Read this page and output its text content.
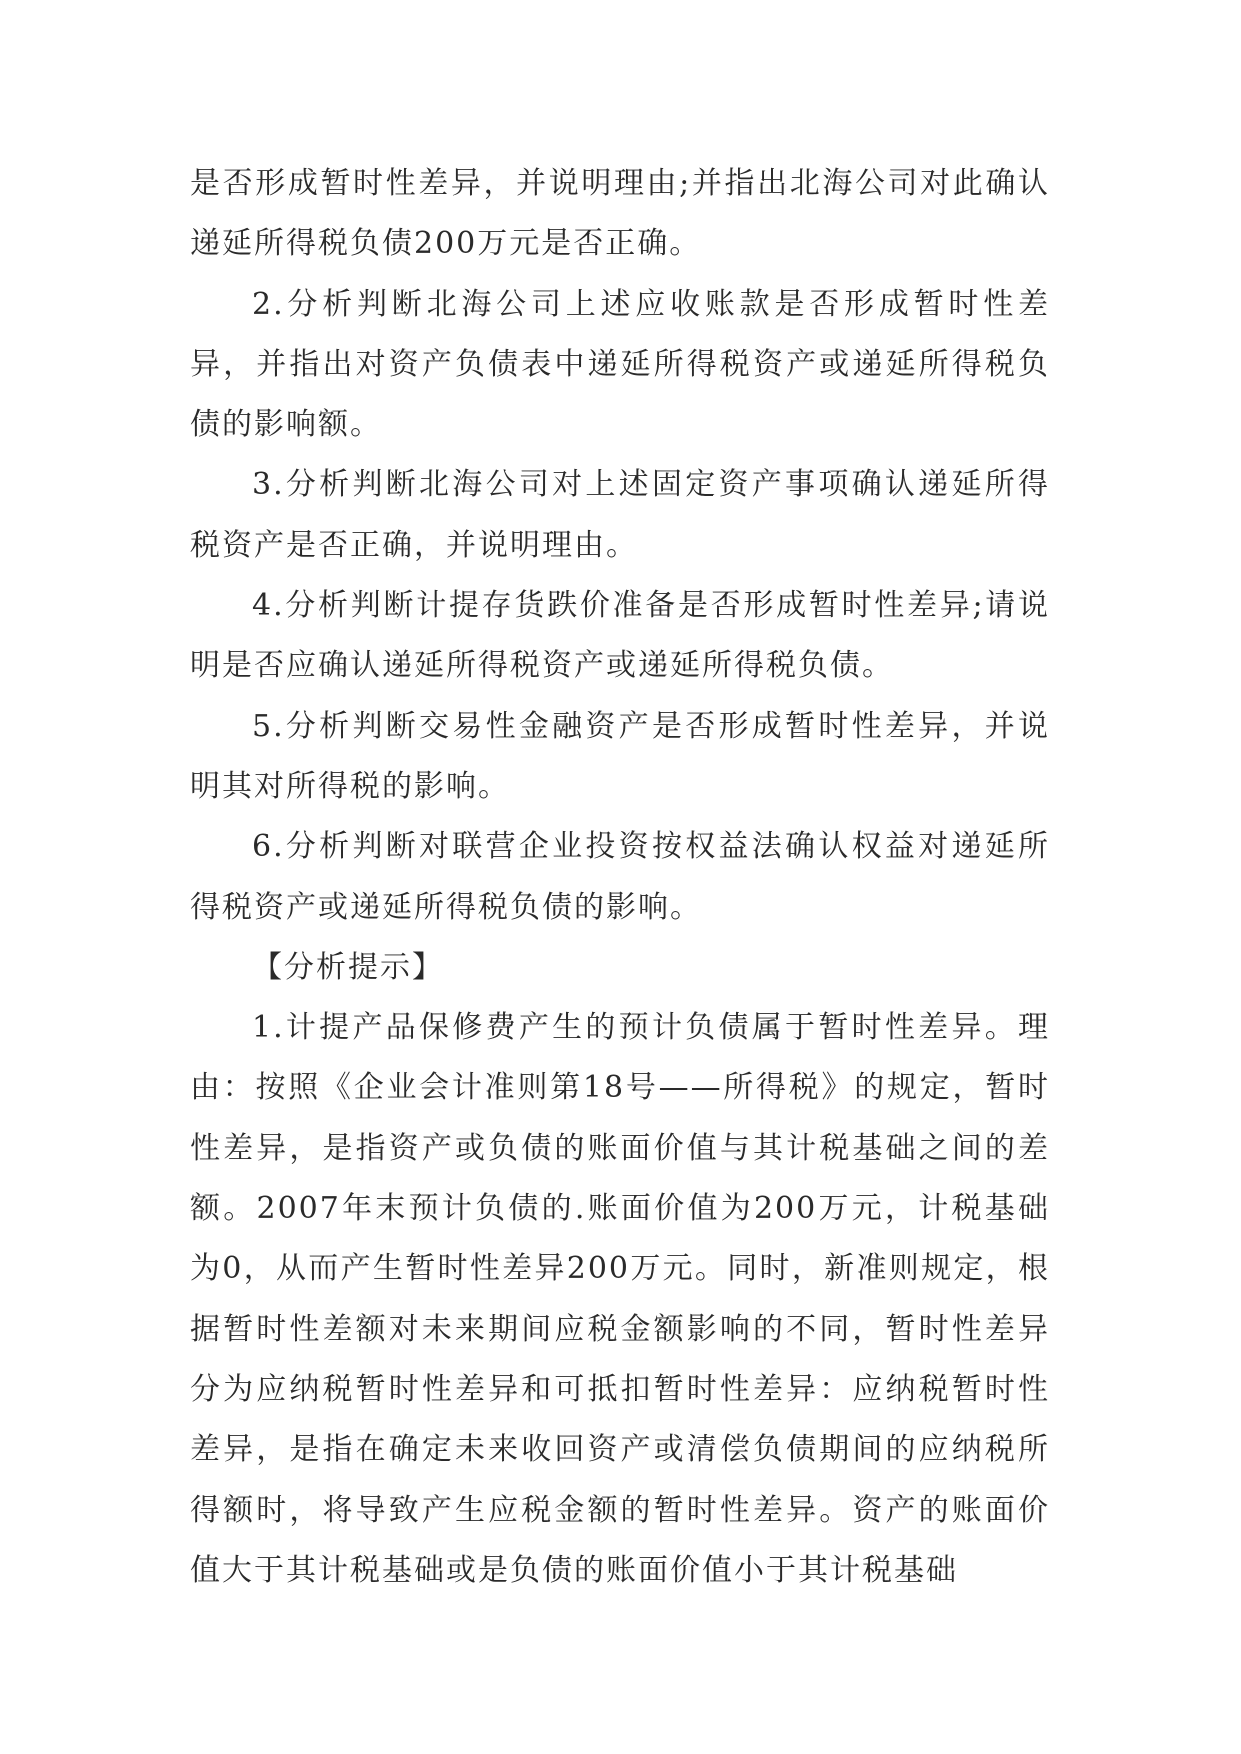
是否形成暂时性差异，并说明理由;并指出北海公司对此确认递延所得税负债200万元是否正确。

2.分析判断北海公司上述应收账款是否形成暂时性差异，并指出对资产负债表中递延所得税资产或递延所得税负债的影响额。

3.分析判断北海公司对上述固定资产事项确认递延所得税资产是否正确，并说明理由。

4.分析判断计提存货跌价准备是否形成暂时性差异;请说明是否应确认递延所得税资产或递延所得税负债。

5.分析判断交易性金融资产是否形成暂时性差异，并说明其对所得税的影响。

6.分析判断对联营企业投资按权益法确认权益对递延所得税资产或递延所得税负债的影响。

【分析提示】

1.计提产品保修费产生的预计负债属于暂时性差异。理由：按照《企业会计准则第18号——所得税》的规定，暂时性差异，是指资产或负债的账面价值与其计税基础之间的差额。2007年末预计负债的.账面价值为200万元，计税基础为0，从而产生暂时性差异200万元。同时，新准则规定，根据暂时性差额对未来期间应税金额影响的不同，暂时性差异分为应纳税暂时性差异和可抵扣暂时性差异：应纳税暂时性差异，是指在确定未来收回资产或清偿负债期间的应纳税所得额时，将导致产生应税金额的暂时性差异。资产的账面价值大于其计税基础或是负债的账面价值小于其计税基础
